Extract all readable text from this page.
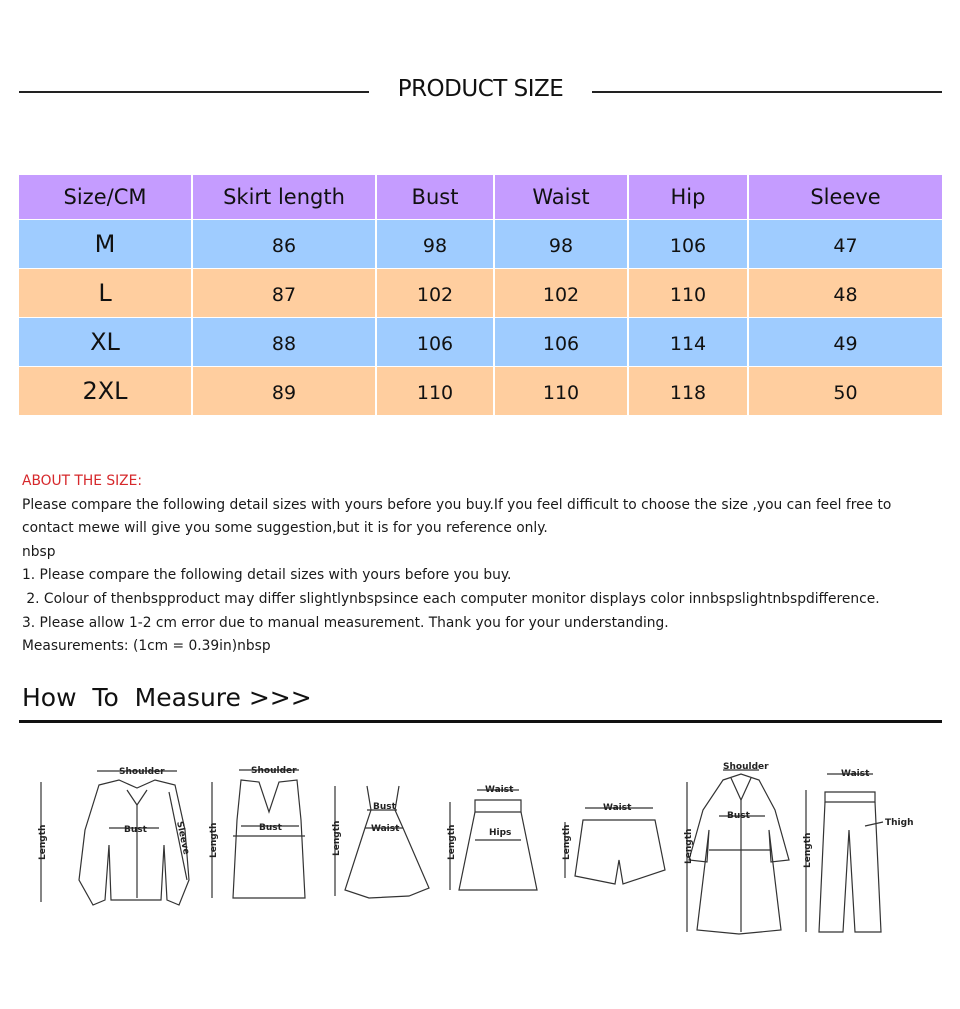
PRODUCT SIZE
Size/CM	Skirt length	Bust	Waist	Hip	Sleeve
M	86	98	98	106	47
L	87	102	102	110	48
XL	88	106	106	114	49
2XL	89	110	110	118	50

ABOUT THE SIZE:

Please compare the following detail sizes with yours before you buy.If you feel difficult to choose the size ,you can feel free to contact mewe will give you some suggestion,but it is for you reference only.

nbsp

1. Please compare the following detail sizes with yours before you buy.

2. Colour of thenbspproduct may differ slightlynbspsince each computer monitor displays color innbspslightnbspdifference.

3. Please allow 1-2 cm error due to manual measurement. Thank you for your understanding.

Measurements: (1cm = 0.39in)nbsp

How  To  Measure >>>
Shoulder
Bust
Length	Sleeve
Shoulder
Bust
Length
Bust
Waist
Length
Waist
Hips
Length
Waist
Length
Shoulder
Bust
Length
Waist
Thigh
Length
